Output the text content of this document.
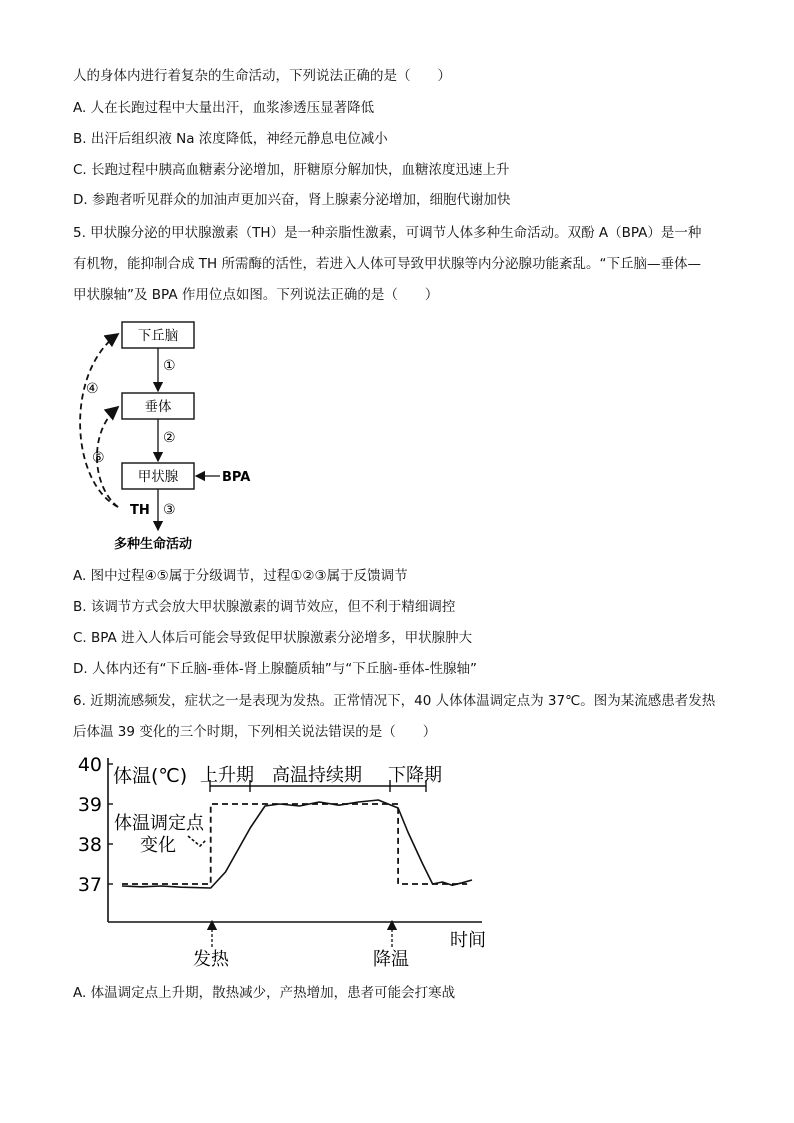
人的身体内进行着复杂的生命活动，下列说法正确的是（　　）
A. 人在长跑过程中大量出汗，血浆渗透压显著降低
B. 出汗后组织液 Na 浓度降低，神经元静息电位减小
C. 长跑过程中胰高血糖素分泌增加，肝糖原分解加快，血糖浓度迅速上升
D. 参跑者听见群众的加油声更加兴奋，肾上腺素分泌增加，细胞代谢加快
5. 甲状腺分泌的甲状腺激素（TH）是一种亲脂性激素，可调节人体多种生命活动。双酚 A（BPA）是一种
有机物，能抑制合成 TH 所需酶的活性，若进入人体可导致甲状腺等内分泌腺功能紊乱。“下丘脑—垂体—
甲状腺轴”及 BPA 作用位点如图。下列说法正确的是（　　）
下丘脑
垂体
甲状腺
①
②
③
BPA
④
⑤
TH
多种生命活动
A. 图中过程④⑤属于分级调节，过程①②③属于反馈调节
B. 该调节方式会放大甲状腺激素的调节效应，但不利于精细调控
C. BPA 进入人体后可能会导致促甲状腺激素分泌增多，甲状腺肿大
D. 人体内还有“下丘脑-垂体-肾上腺髓质轴”与“下丘脑-垂体-性腺轴”
6. 近期流感频发，症状之一是表现为发热。正常情况下，40 人体体温调定点为 37℃。图为某流感患者发热
后体温 39 变化的三个时期，下列相关说法错误的是（　　）
40
39
38
37
体温(℃)
时间
上升期 高温持续期 下降期
体温调定点
变化
发热	降温
A. 体温调定点上升期，散热减少，产热增加，患者可能会打寒战
